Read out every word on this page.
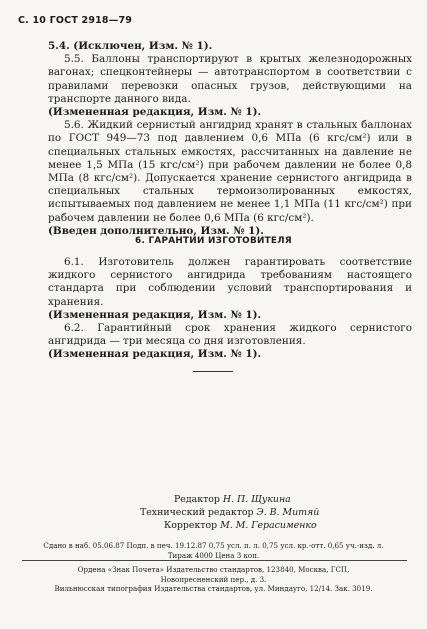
С. 10 ГОСТ 2918—79

5.4. (Исключен, Изм. № 1).

5.5. Баллоны транспортируют в крытых железнодорожных вагонах; спецконтейнеры — автотранспортом в соответствии с правилами перевозки опасных грузов, действующими на транспорте данного вида.

(Измененная редакция, Изм. № 1).

5.6. Жидкий сернистый ангидрид хранят в стальных баллонах по ГОСТ 949—73 под давлением 0,6 МПа (6 кгс/см²) или в специальных стальных емкостях, рассчитанных на давление не менее 1,5 МПа (15 кгс/см²) при рабочем давлении не более 0,8 МПа (8 кгс/см²). Допускается хранение сернистого ангидрида в специальных стальных термоизолированных емкостях, испытываемых под давлением не менее 1,1 МПа (11 кгс/см²) при рабочем давлении не более 0,6 МПа (6 кгс/см²).

(Введен дополнительно, Изм. № 1).

6. ГАРАНТИИ ИЗГОТОВИТЕЛЯ

6.1. Изготовитель должен гарантировать соответствие жидкого сернистого ангидрида требованиям настоящего стандарта при соблюдении условий транспортирования и хранения.

(Измененная редакция, Изм. № 1).

6.2. Гарантийный срок хранения жидкого сернистого ангидрида — три месяца со дня изготовления.

(Измененная редакция, Изм. № 1).

Редактор Н. П. Щукина
Технический редактор Э. В. Митяй
Корректор М. М. Герасименко
Сдано в наб. 05.06.87 Подп. в печ. 19.12.87 0,75 усл. п. л. 0,75 усл. кр.-отт. 0,65 уч.-изд. л.
Тираж 4000 Цена 3 коп.
Ордена «Знак Почета» Издательство стандартов, 123840, Москва, ГСП,
Новопресненский пер., д. 3.
Вильнюсская типография Издательства стандартов, ул. Миндауго, 12/14. Зак. 3019.
